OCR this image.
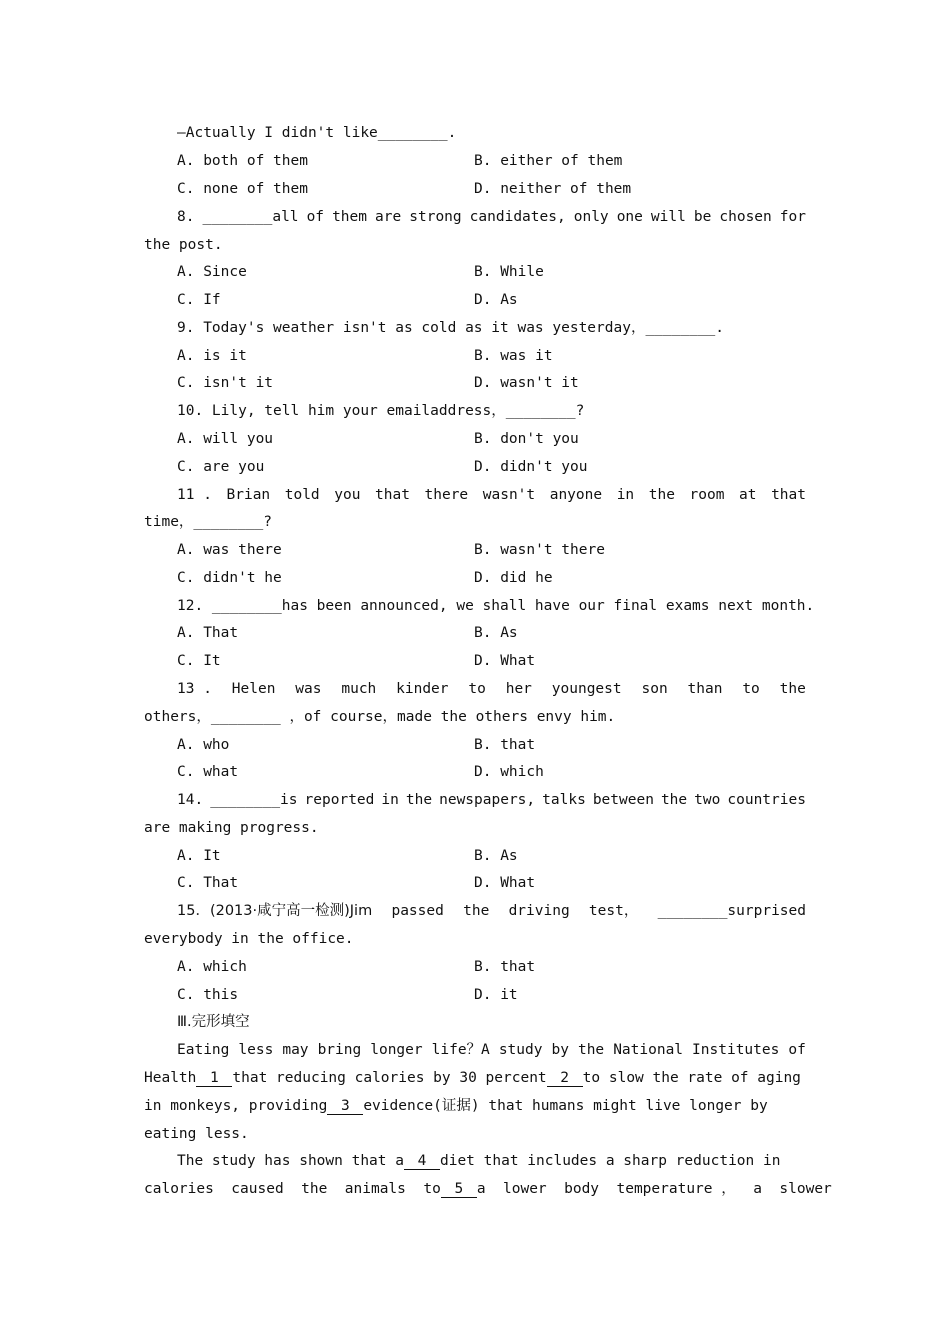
—Actually I didn't like________.
A. both of them	B. either of them
C. none of them	D. neither of them
8. ________all of them are strong candidates, only one will be chosen for
the post.
A. Since	B. While
C. If	D. As
9. Today's weather isn't as cold as it was yesterday，________.
A. is it	B. was it
C. isn't it	D. wasn't it
10. Lily, tell him your emailaddress，________?
A. will you	B. don't you
C. are you	D. didn't you
11 . Brian told you that there wasn't anyone in the room at that
time，________?
A. was there	B. wasn't there
C. didn't he	D. did he
12. ________has been announced, we shall have our final exams next month.
A. That	B. As
C. It	D. What
13 . Helen was much kinder to her youngest son than to the
others，________ ，of course，made the others envy him.
A. who	B. that
C. what	D. which
14. ________is reported in the newspapers, talks between the two countries
are making progress.
A. It	B. As
C. That	D. What
15．(2013·咸宁高一检测)Jim passed the driving test， ________surprised
everybody in the office.
A. which	B. that
C. this	D. it
Ⅲ.完形填空
Eating less may bring longer life？A study by the National Institutes of
Health 1 that reducing calories by 30 percent 2 to slow the rate of aging
in monkeys, providing 3 evidence(证据) that humans might live longer by
eating less.
The study has shown that a 4 diet that includes a sharp reduction in
calories  caused  the  animals  to 5 a  lower  body  temperature ，  a  slower
